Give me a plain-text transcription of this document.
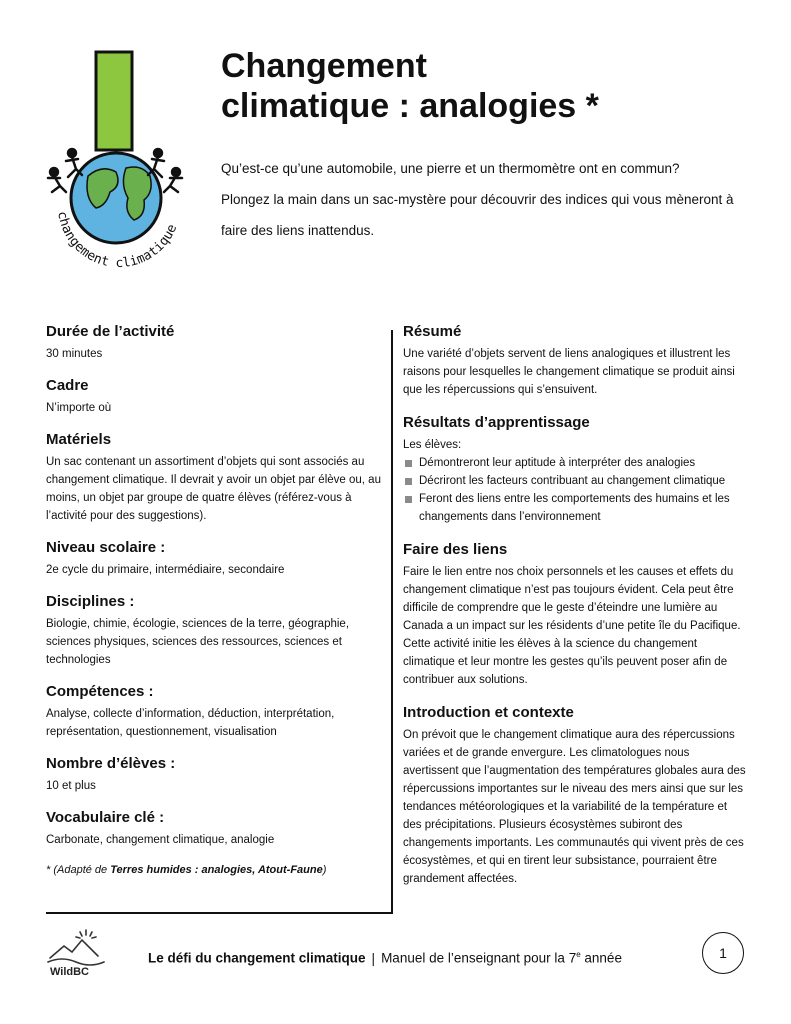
changement climatique
Changement
climatique : analogies *

Qu’est-ce qu’une automobile, une pierre et un thermomètre ont en commun?

Plongez la main dans un sac-mystère pour découvrir des indices qui vous mèneront à faire des liens inattendus.

Durée de l’activité

30 minutes

Cadre

N’importe où

Matériels

Un sac contenant un assortiment d’objets qui sont associés au changement climatique. Il devrait y avoir un objet par élève ou, au moins, un objet par groupe de quatre élèves (référez-vous à l’activité pour des suggestions).

Niveau scolaire :

2e cycle du primaire, intermédiaire, secondaire

Disciplines :

Biologie, chimie, écologie, sciences de la terre, géographie, sciences physiques, sciences des ressources, sciences et technologies

Compétences :

Analyse, collecte d’information, déduction, interprétation, représentation, questionnement, visualisation

Nombre d’élèves :

10 et plus

Vocabulaire clé :

Carbonate, changement climatique, analogie

* (Adapté de Terres humides : analogies, Atout-Faune)
Résumé

Une variété d’objets servent de liens analogiques et illustrent les raisons pour lesquelles le changement climatique se produit ainsi que les répercussions qui s’ensuivent.

Résultats d’apprentissage

Les élèves:

Démontreront leur aptitude à interpréter des analogies
Décriront les facteurs contribuant au changement climatique
Feront des liens entre les comportements des humains et les changements dans l’environnement
Faire des liens

Faire le lien entre nos choix personnels et les causes et effets du changement climatique n’est pas toujours évident. Cela peut être difficile de comprendre que le geste d’éteindre une lumière au Canada a un impact sur les résidents d’une petite île du Pacifique. Cette activité initie les élèves à la science du changement climatique et leur montre les gestes qu’ils peuvent poser afin de contribuer aux solutions.

Introduction et contexte

On prévoit que le changement climatique aura des répercussions variées et de grande envergure. Les climatologues nous avertissent que l’augmentation des températures globales aura des répercussions importantes sur le niveau des mers ainsi que sur les tendances météorologiques et la variabilité de la température et des précipitations. Plusieurs écosystèmes subiront des changements importants. Les communautés qui vivent près de ces écosystèmes, et qui en tirent leur subsistance, pourraient être grandement affectées.

WildBC
Le défi du changement climatique | Manuel de l’enseignant pour la 7e année	1
